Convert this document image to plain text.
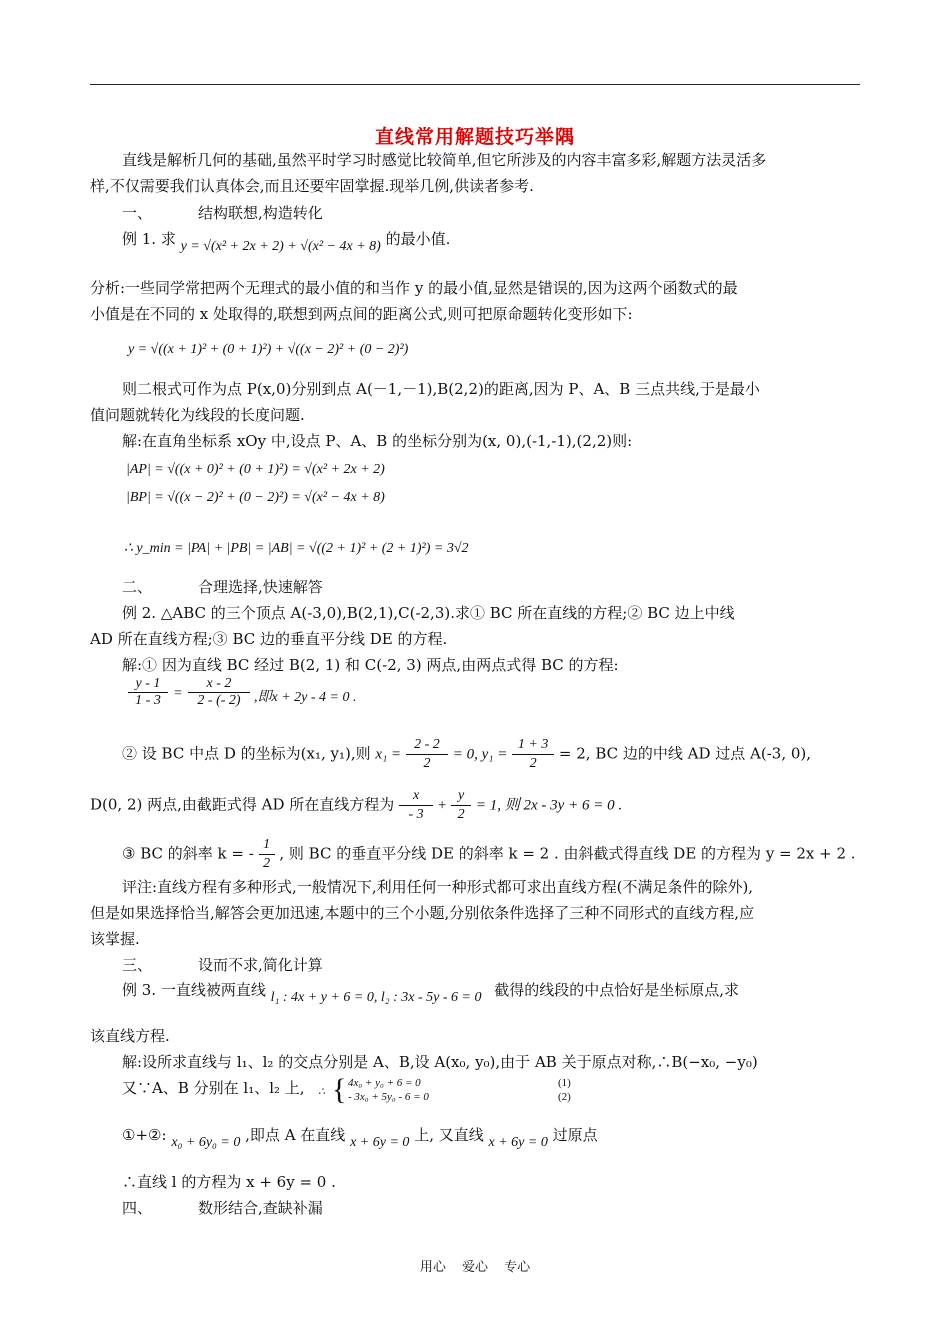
直线常用解题技巧举隅
直线是解析几何的基础,虽然平时学习时感觉比较简单,但它所涉及的内容丰富多彩,解题方法灵活多
样,不仅需要我们认真体会,而且还要牢固掌握.现举几例,供读者参考.
一、	结构联想,构造转化
例 1. 求 y = √(x² + 2x + 2) + √(x² − 4x + 8) 的最小值.
分析:一些同学常把两个无理式的最小值的和当作 y 的最小值,显然是错误的,因为这两个函数式的最
小值是在不同的 x 处取得的,联想到两点间的距离公式,则可把原命题转化变形如下:
y = √((x + 1)² + (0 + 1)²) + √((x − 2)² + (0 − 2)²)
则二根式可作为点 P(x,0)分别到点 A(－1,－1),B(2,2)的距离,因为 P、A、B 三点共线,于是最小
值问题就转化为线段的长度问题.
解:在直角坐标系 xOy 中,设点 P、A、B 的坐标分别为(x, 0),(-1,-1),(2,2)则:
|AP| = √((x + 0)² + (0 + 1)²) = √(x² + 2x + 2)
|BP| = √((x − 2)² + (0 − 2)²) = √(x² − 4x + 8)
∴ y_min = |PA| + |PB| = |AB| = √((2 + 1)² + (2 + 1)²) = 3√2
二、	合理选择,快速解答
例 2. △ABC 的三个顶点 A(-3,0),B(2,1),C(-2,3).求① BC 所在直线的方程;② BC 边上中线
AD 所在直线方程;③ BC 边的垂直平分线 DE 的方程.
解:① 因为直线 BC 经过 B(2, 1) 和 C(-2, 3) 两点,由两点式得 BC 的方程:
$\frac{y - 1}{1 - 3} = \frac{x - 2}{2 - (- 2)}$ ,即x + 2y - 4 = 0 .
② 设 BC 中点 D 的坐标为(x₁, y₁),则 $x_1 = \frac{2 - 2}{2} = 0$, $y_1 = \frac{1 + 3}{2} = 2$, BC 边的中线 AD 过点 A(-3, 0),
D(0, 2) 两点,由截距式得 AD 所在直线方程为 $\frac{x}{- 3} + \frac{y}{2} = 1$, 则 2x - 3y + 6 = 0 .
③ BC 的斜率 k = - $\frac{1}{2}$ , 则 BC 的垂直平分线 DE 的斜率 k = 2 . 由斜截式得直线 DE 的方程为 y = 2x + 2 .
评注:直线方程有多种形式,一般情况下,利用任何一种形式都可求出直线方程(不满足条件的除外),
但是如果选择恰当,解答会更加迅速,本题中的三个小题,分别依条件选择了三种不同形式的直线方程,应
该掌握.
三、	设而不求,简化计算
例 3. 一直线被两直线 l₁ : 4x + y + 6 = 0, l₂ : 3x - 5y - 6 = 0 截得的线段的中点恰好是坐标原点,求
该直线方程.
解:设所求直线与 l₁、l₂ 的交点分别是 A、B,设 A(x₀, y₀),由于 AB 关于原点对称,∴B(−x₀, −y₀)
又∵A、B 分别在 l₁、l₂ 上,	∴ { 4x₀ + y₀ + 6 = 0
- 3x₀ + 5y₀ - 6 = 0
(1)
(2)
①+②: x₀ + 6y₀ = 0 ,即点 A 在直线 x + 6y = 0 上, 又直线 x + 6y = 0 过原点
∴直线 l 的方程为 x + 6y = 0 .
四、	数形结合,查缺补漏
用心 爱心 专心
